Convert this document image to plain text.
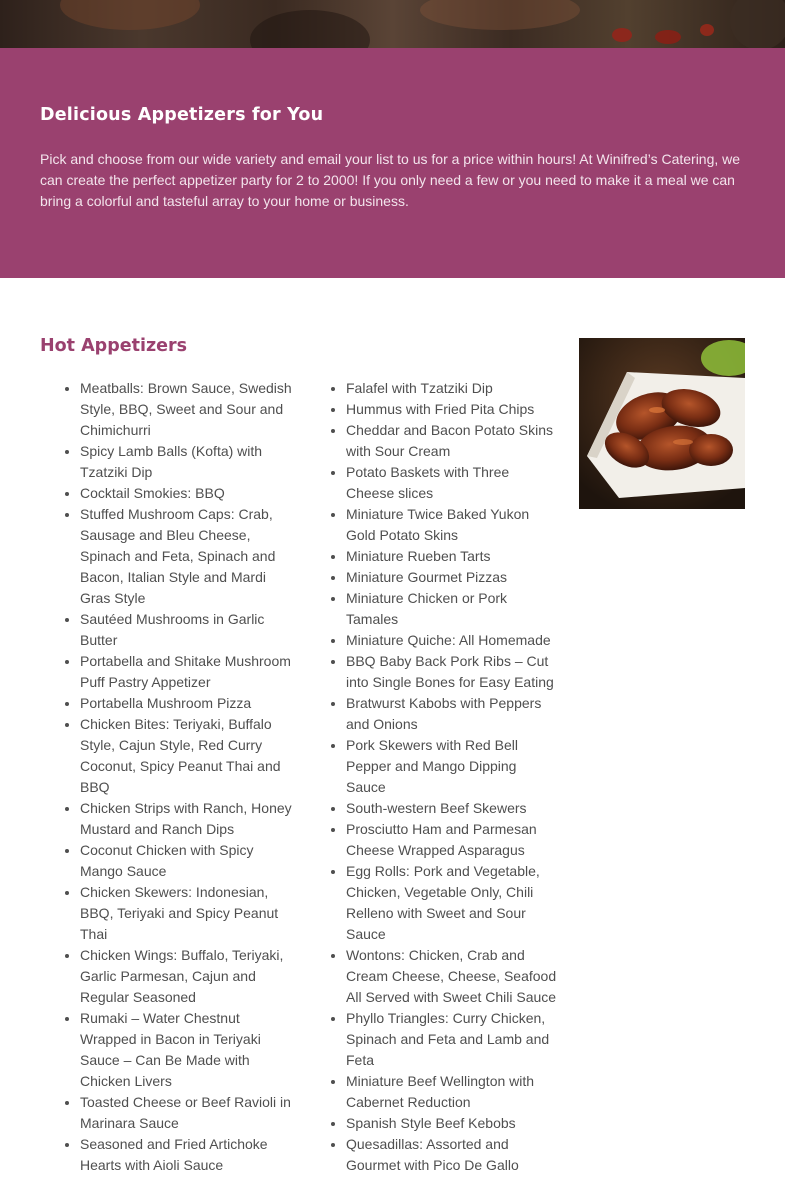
Delicious Appetizers for You

Pick and choose from our wide variety and email your list to us for a price within hours! At Winifred’s Catering, we can create the perfect appetizer party for 2 to 2000! If you only need a few or you need to make it a meal we can bring a colorful and tasteful array to your home or business.

Hot Appetizers
• Meatballs: Brown Sauce, Swedish Style, BBQ, Sweet and Sour and Chimichurri
• Spicy Lamb Balls (Kofta) with Tzatziki Dip
• Cocktail Smokies: BBQ
• Stuffed Mushroom Caps: Crab, Sausage and Bleu Cheese, Spinach and Feta, Spinach and Bacon, Italian Style and Mardi Gras Style
• Sautéed Mushrooms in Garlic Butter
• Portabella and Shitake Mushroom Puff Pastry Appetizer
• Portabella Mushroom Pizza
• Chicken Bites: Teriyaki, Buffalo Style, Cajun Style, Red Curry Coconut, Spicy Peanut Thai and BBQ
• Chicken Strips with Ranch, Honey Mustard and Ranch Dips
• Coconut Chicken with Spicy Mango Sauce
• Chicken Skewers: Indonesian, BBQ, Teriyaki and Spicy Peanut Thai
• Chicken Wings: Buffalo, Teriyaki, Garlic Parmesan, Cajun and Regular Seasoned
• Rumaki – Water Chestnut Wrapped in Bacon in Teriyaki Sauce – Can Be Made with Chicken Livers
• Toasted Cheese or Beef Ravioli in Marinara Sauce
• Seasoned and Fried Artichoke Hearts with Aioli Sauce
• Falafel with Tzatziki Dip
• Hummus with Fried Pita Chips
• Cheddar and Bacon Potato Skins with Sour Cream
• Potato Baskets with Three Cheese slices
• Miniature Twice Baked Yukon Gold Potato Skins
• Miniature Rueben Tarts
• Miniature Gourmet Pizzas
• Miniature Chicken or Pork Tamales
• Miniature Quiche: All Homemade
• BBQ Baby Back Pork Ribs – Cut into Single Bones for Easy Eating
• Bratwurst Kabobs with Peppers and Onions
• Pork Skewers with Red Bell Pepper and Mango Dipping Sauce
• South-western Beef Skewers
• Prosciutto Ham and Parmesan Cheese Wrapped Asparagus
• Egg Rolls: Pork and Vegetable, Chicken, Vegetable Only, Chili Relleno with Sweet and Sour Sauce
• Wontons: Chicken, Crab and Cream Cheese, Cheese, Seafood All Served with Sweet Chili Sauce
• Phyllo Triangles: Curry Chicken, Spinach and Feta and Lamb and Feta
• Miniature Beef Wellington with Cabernet Reduction
• Spanish Style Beef Kebobs
• Quesadillas: Assorted and Gourmet with Pico De Gallo
